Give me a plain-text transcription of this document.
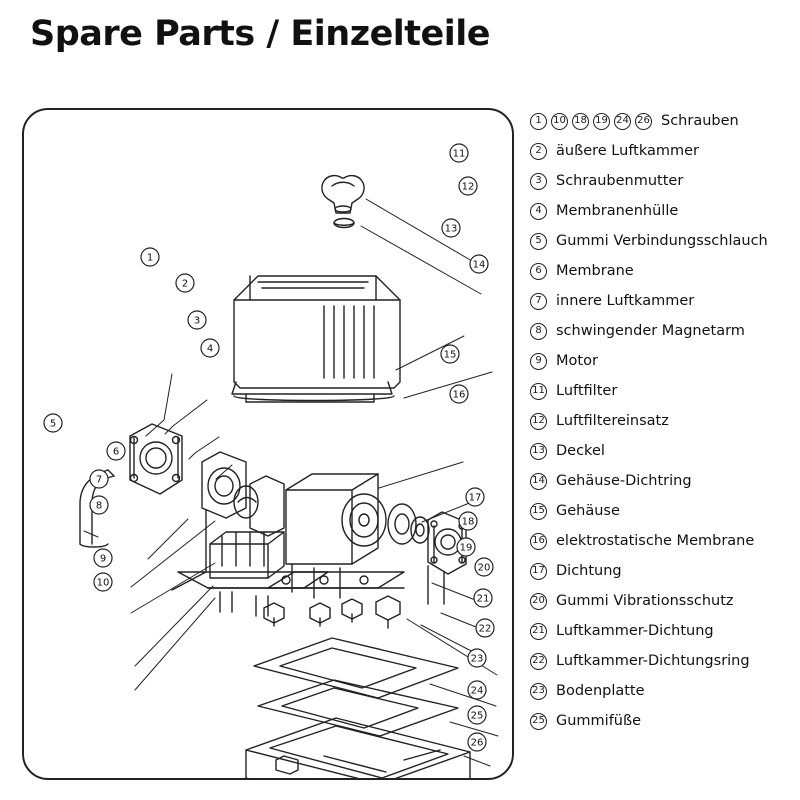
Spare Parts / Einzelteile
1
2
3
4
5
6
7
8
9
10
11
12
13
14
15
16
17
18
19
20
21
22
23
24
25
26
1	10 18 19 24 26 Schrauben
2 äußere Luftkammer
3 Schraubenmutter
4 Membranenhülle
5 Gummi Verbindungsschlauch
6 Membrane
7 innere Luftkammer
8 schwingender Magnetarm
9 Motor
11 Luftfilter
12 Luftfiltereinsatz
13 Deckel
14 Gehäuse-Dichtring
15 Gehäuse
16 elektrostatische Membrane
17 Dichtung
20 Gummi Vibrationsschutz
21 Luftkammer-Dichtung
22 Luftkammer-Dichtungsring
23 Bodenplatte
25 Gummifüße
